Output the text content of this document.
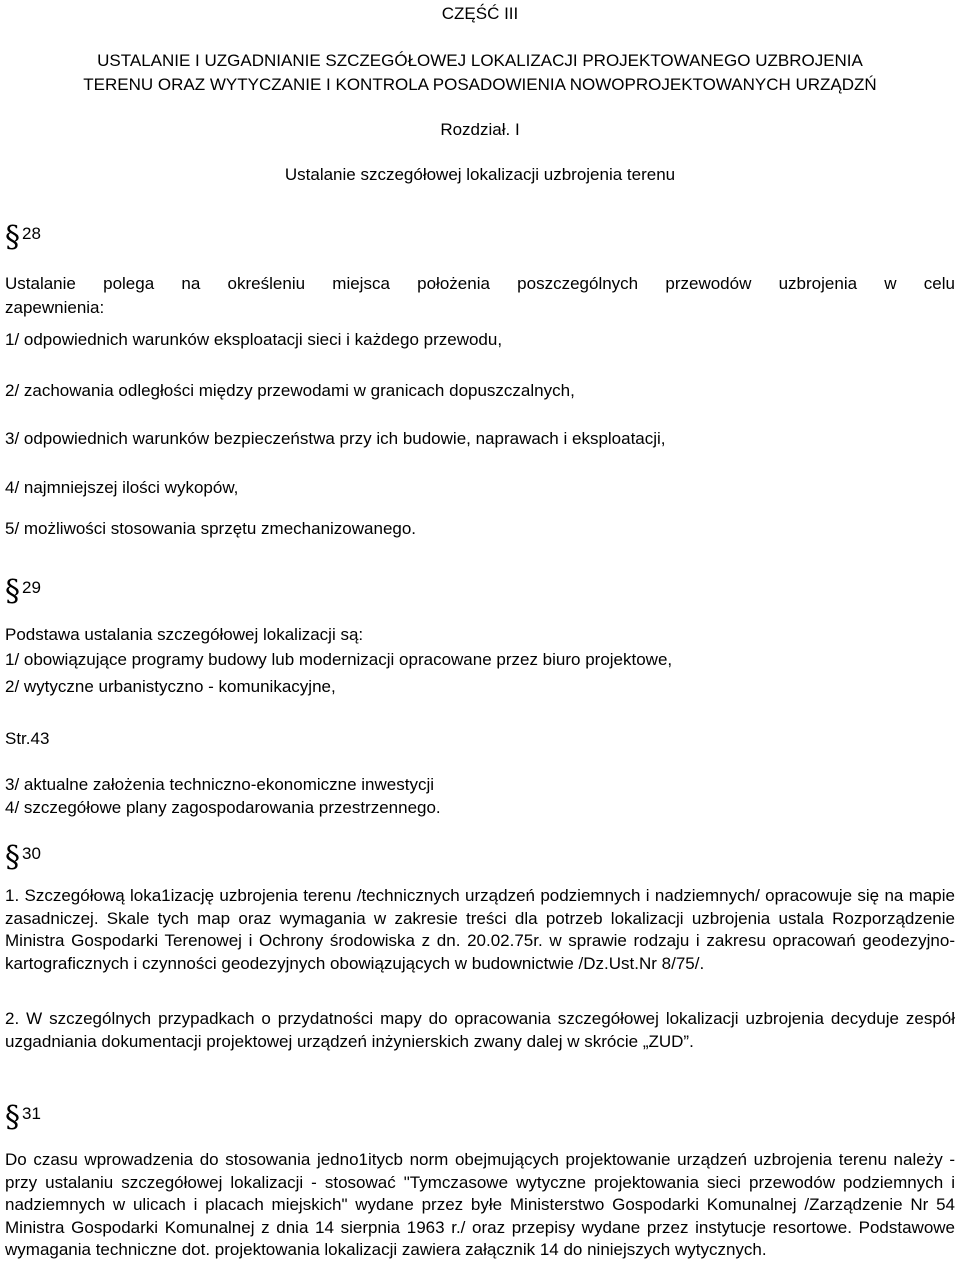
CZĘŚĆ III
USTALANIE I UZGADNIANIE SZCZEGÓŁOWEJ LOKALIZACJI PROJEKTOWANEGO UZBROJENIA
TERENU ORAZ WYTYCZANIE I KONTROLA POSADOWIENIA NOWOPROJEKTOWANYCH URZĄDZŃ
Rozdział. I
Ustalanie szczegółowej lokalizacji uzbrojenia terenu
§ 28
Ustalanie polega na określeniu miejsca położenia poszczególnych przewodów uzbrojenia w celu
zapewnienia:
1/ odpowiednich warunków eksploatacji sieci i każdego przewodu,
2/ zachowania odległości między przewodami w granicach dopuszczalnych,
3/ odpowiednich warunków bezpieczeństwa przy ich budowie, naprawach i eksploatacji,
4/ najmniejszej ilości wykopów,
5/ możliwości stosowania sprzętu zmechanizowanego.
§ 29
Podstawa ustalania szczegółowej lokalizacji są:
1/ obowiązujące programy budowy lub modernizacji opracowane przez biuro projektowe,
2/ wytyczne urbanistyczno - komunikacyjne,
Str.43
3/ aktualne założenia techniczno-ekonomiczne inwestycji
4/ szczegółowe plany zagospodarowania przestrzennego.
§ 30
1. Szczegółową loka1izację uzbrojenia terenu /technicznych urządzeń podziemnych i nadziemnych/ opracowuje się na mapie zasadniczej. Skale tych map oraz wymagania w zakresie treści dla potrzeb lokalizacji uzbrojenia ustala Rozporządzenie Ministra Gospodarki Terenowej i Ochrony środowiska z dn. 20.02.75r. w sprawie rodzaju i zakresu opracowań geodezyjno-kartograficznych i czynności geodezyjnych obowiązujących w budownictwie /Dz.Ust.Nr 8/75/.
2. W szczególnych przypadkach o przydatności mapy do opracowania szczegółowej lokalizacji uzbrojenia decyduje zespół uzgadniania dokumentacji projektowej urządzeń inżynierskich zwany dalej w skrócie „ZUD”.
§ 31
Do czasu wprowadzenia do stosowania jedno1itycb norm obejmujących projektowanie urządzeń uzbrojenia terenu należy - przy ustalaniu szczegółowej lokalizacji - stosować "Tymczasowe wytyczne projektowania sieci przewodów podziemnych i nadziemnych w ulicach i placach miejskich" wydane przez byłe Ministerstwo Gospodarki Komunalnej /Zarządzenie Nr 54 Ministra Gospodarki Komunalnej z dnia 14 sierpnia 1963 r./ oraz przepisy wydane przez instytucje resortowe. Podstawowe wymagania techniczne dot. projektowania lokalizacji zawiera załącznik 14 do niniejszych wytycznych.
